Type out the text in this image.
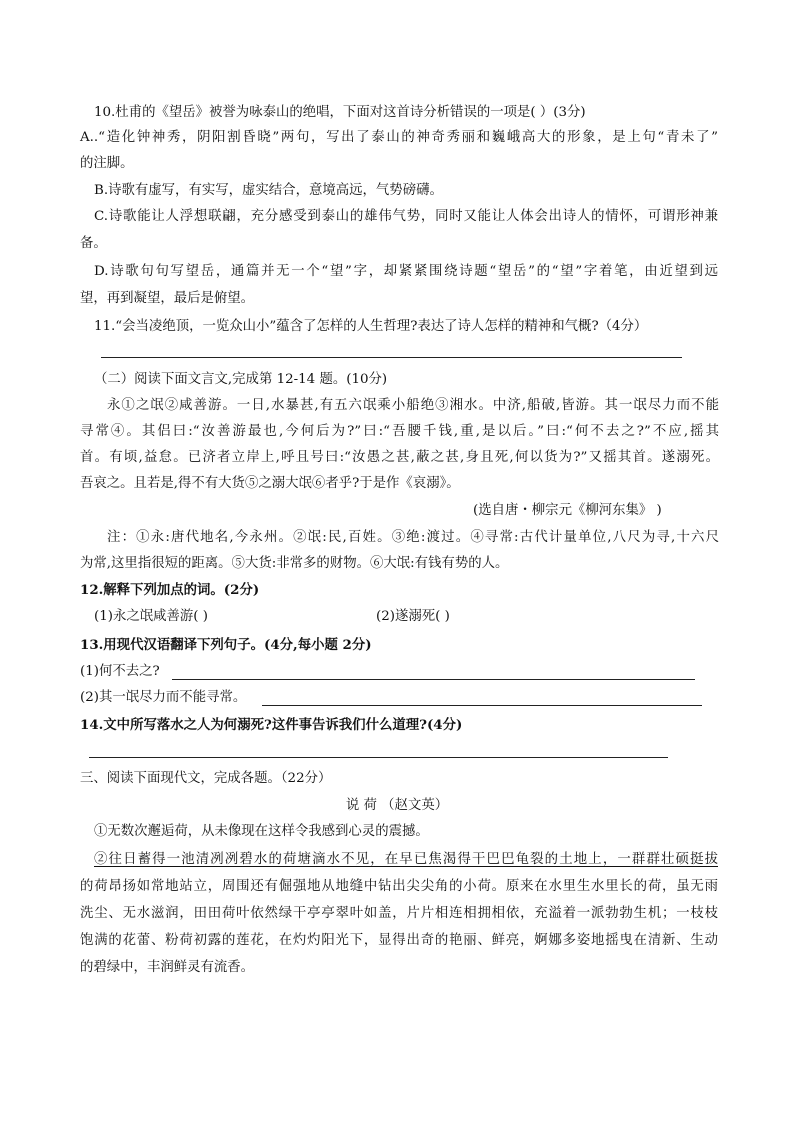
10.杜甫的《望岳》被誉为咏泰山的绝唱，下面对这首诗分析错误的一项是( ）(3分)
A..“造化钟神秀，阴阳割昏晓”两句，写出了泰山的神奇秀丽和巍峨高大的形象，是上句“青未了”
的注脚。
B.诗歌有虚写，有实写，虚实结合，意境高远，气势磅礴。
C.诗歌能让人浮想联翩，充分感受到泰山的雄伟气势，同时又能让人体会出诗人的情怀，可谓形神兼
备。
D.诗歌句句写望岳，通篇并无一个“望”字，却紧紧围绕诗题“望岳”的“望”字着笔，由近望到远
望，再到凝望，最后是俯望。
11.“会当凌绝顶，一览众山小”蕴含了怎样的人生哲理?表达了诗人怎样的精神和气概?（4分）
（二）阅读下面文言文,完成第 12-14 题。(10分)
永①之氓②咸善游。一日,水暴甚,有五六氓乘小船绝③湘水。中济,船破,皆游。其一氓尽力而不能
寻常④。其侣曰:“汝善游最也,今何后为?”曰:“吾腰千钱,重,是以后。”曰:“何不去之?”不应,摇其
首。有顷,益怠。已济者立岸上,呼且号曰:“汝愚之甚,蔽之甚,身且死,何以货为?”又摇其首。遂溺死。
吾哀之。且若是,得不有大货⑤之溺大氓⑥者乎?于是作《哀溺》。
(选自唐・柳宗元《柳河东集》 )
注：①永:唐代地名,今永州。②氓:民,百姓。③绝:渡过。④寻常:古代计量单位,八尺为寻,十六尺
为常,这里指很短的距离。⑤大货:非常多的财物。⑥大氓:有钱有势的人。
12.解释下列加点的词。(2分)
(1)永之氓咸善游( )	(2)遂溺死( )
13.用现代汉语翻译下列句子。(4分,每小题 2分)
(1)何不去之?
(2)其一氓尽力而不能寻常。
14.文中所写落水之人为何溺死?这件事告诉我们什么道理?(4分)
三、阅读下面现代文，完成各题。（22分）
说 荷 （赵文英）
①无数次邂逅荷，从未像现在这样令我感到心灵的震撼。
②往日蓄得一池清冽冽碧水的荷塘滴水不见，在早已焦渴得干巴巴龟裂的土地上，一群群壮硕挺拔
的荷昂扬如常地站立，周围还有倔强地从地缝中钻出尖尖角的小荷。原来在水里生水里长的荷，虽无雨
洗尘、无水滋润，田田荷叶依然绿干亭亭翠叶如盖，片片相连相拥相依，充溢着一派勃勃生机；一枝枝
饱满的花蕾、粉荷初露的莲花，在灼灼阳光下，显得出奇的艳丽、鲜亮，婀娜多姿地摇曳在清新、生动
的碧绿中，丰润鲜灵有流香。
